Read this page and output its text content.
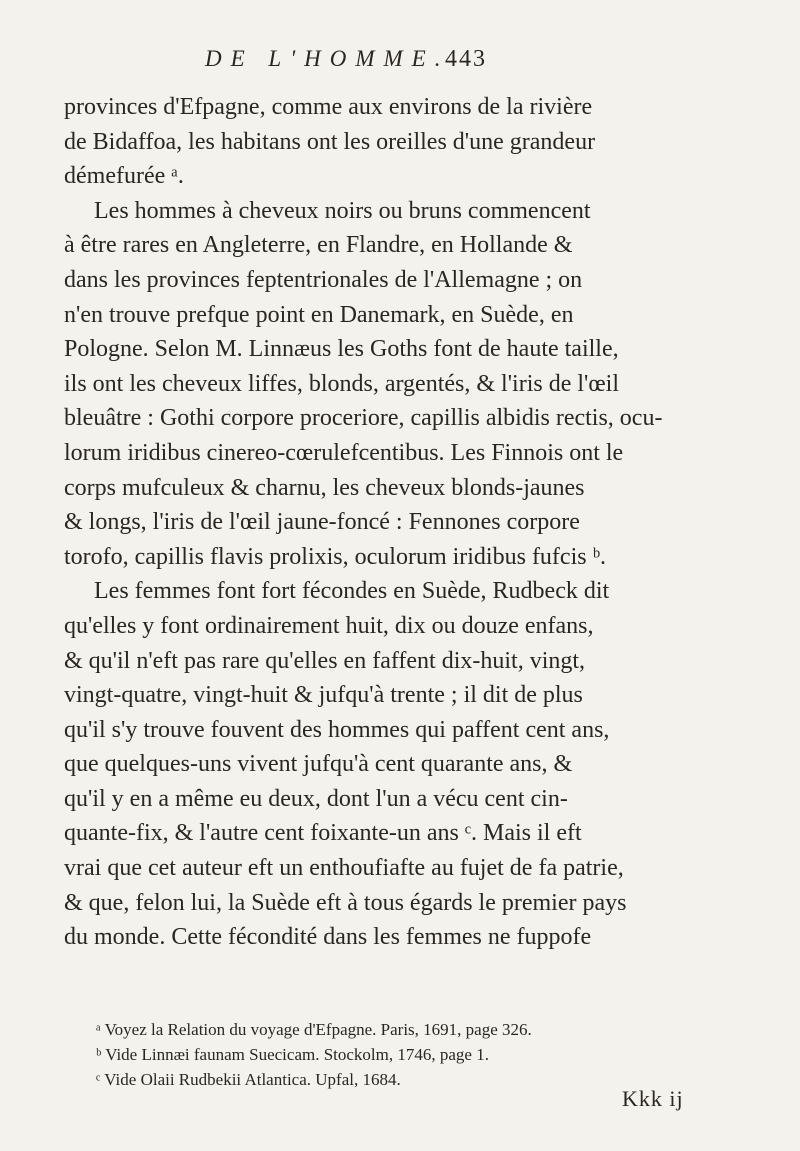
DE L'HOMME.
443
provinces d'Efpagne, comme aux environs de la rivière
de Bidaffoa, les habitans ont les oreilles d'une grandeur
démefurée ᵃ.
Les hommes à cheveux noirs ou bruns commencent
à être rares en Angleterre, en Flandre, en Hollande &
dans les provinces feptentrionales de l'Allemagne ; on
n'en trouve prefque point en Danemark, en Suède, en
Pologne. Selon M. Linnæus les Goths font de haute taille,
ils ont les cheveux liffes, blonds, argentés, & l'iris de l'œil
bleuâtre : Gothi corpore proceriore, capillis albidis rectis, ocu-
lorum iridibus cinereo-cœrulefcentibus. Les Finnois ont le
corps mufculeux & charnu, les cheveux blonds-jaunes
& longs, l'iris de l'œil jaune-foncé : Fennones corpore
torofo, capillis flavis prolixis, oculorum iridibus fufcis ᵇ.
Les femmes font fort fécondes en Suède, Rudbeck dit
qu'elles y font ordinairement huit, dix ou douze enfans,
& qu'il n'eft pas rare qu'elles en faffent dix-huit, vingt,
vingt-quatre, vingt-huit & jufqu'à trente ; il dit de plus
qu'il s'y trouve fouvent des hommes qui paffent cent ans,
que quelques-uns vivent jufqu'à cent quarante ans, &
qu'il y en a même eu deux, dont l'un a vécu cent cin-
quante-fix, & l'autre cent foixante-un ans ᶜ. Mais il eft
vrai que cet auteur eft un enthoufiafte au fujet de fa patrie,
& que, felon lui, la Suède eft à tous égards le premier pays
du monde. Cette fécondité dans les femmes ne fuppofe
ᵃ Voyez la Relation du voyage d'Efpagne. Paris, 1691, page 326.
ᵇ Vide Linnæi faunam Suecicam. Stockolm, 1746, page 1.
ᶜ Vide Olaii Rudbekii Atlantica. Upfal, 1684.
Kkk ij
